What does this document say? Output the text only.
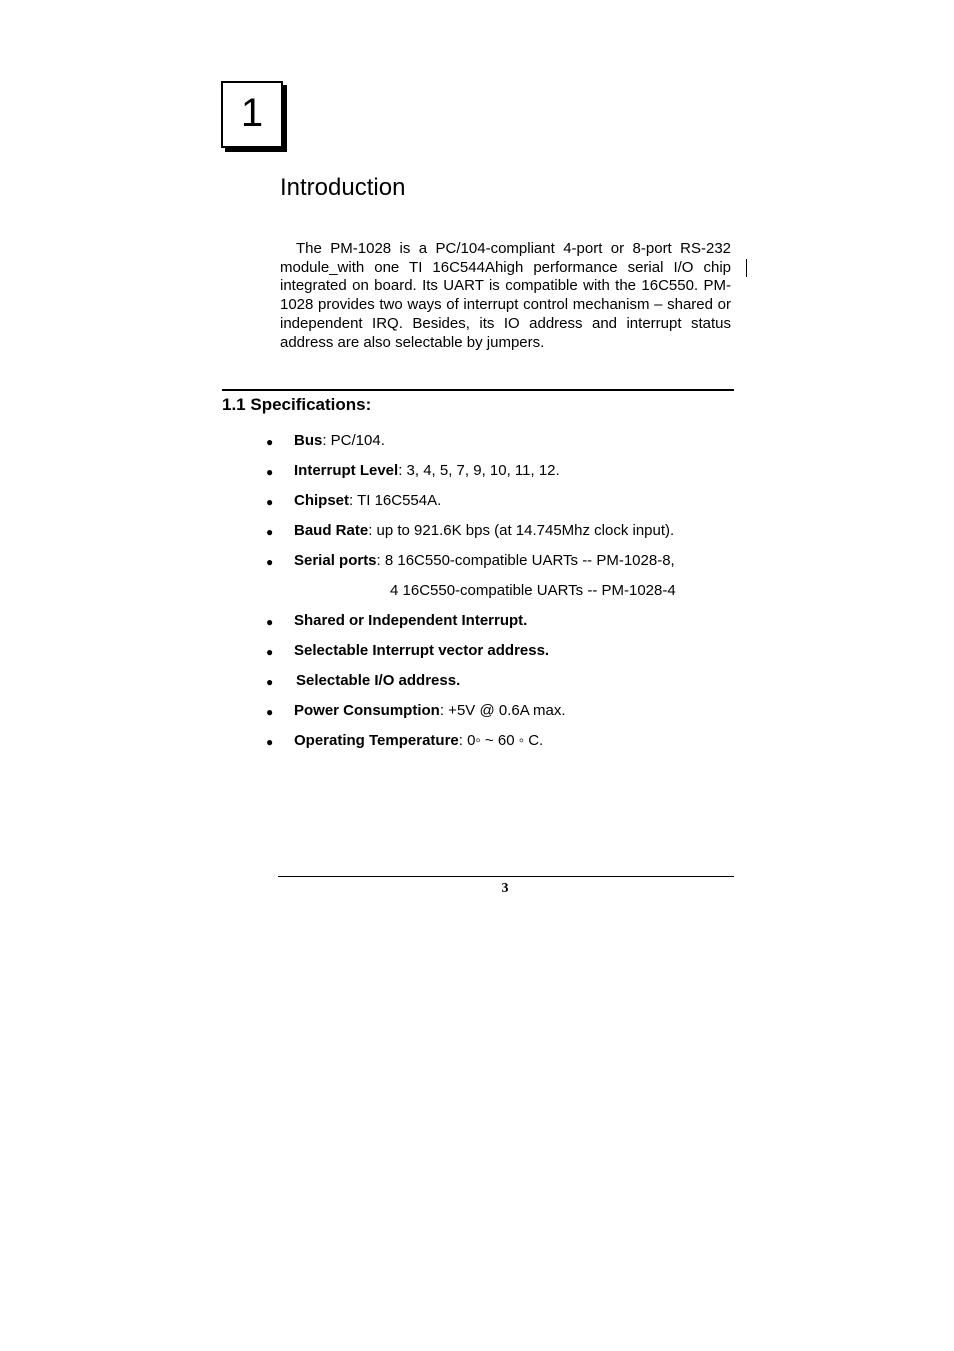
1
Introduction
The PM-1028 is a PC/104-compliant 4-port or 8-port RS-232 module_with one TI 16C544Ahigh performance serial I/O chip integrated on board. Its UART is compatible with the 16C550. PM-1028 provides two ways of interrupt control mechanism – shared or independent IRQ. Besides, its IO address and interrupt status address are also selectable by jumpers.
1.1 Specifications:
● Bus: PC/104.
● Interrupt Level: 3, 4, 5, 7, 9, 10, 11, 12.
● Chipset: TI 16C554A.
● Baud Rate: up to 921.6K bps (at 14.745Mhz clock input).
● Serial ports: 8 16C550-compatible UARTs -- PM-1028-8,
4 16C550-compatible UARTs -- PM-1028-4
● Shared or Independent Interrupt.
● Selectable Interrupt vector address.
● Selectable I/O address.
● Power Consumption: +5V @ 0.6A max.
● Operating Temperature: 0◦ ~ 60 ◦ C.
3
